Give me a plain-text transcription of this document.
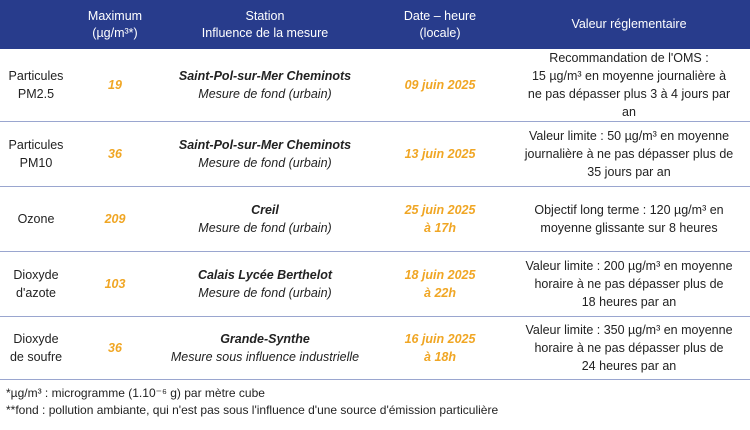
Maximum
(µg/m³*)
Station
Influence de la mesure
Date – heure
(locale)
Valeur réglementaire
Particules
PM2.5
19
Saint-Pol-sur-Mer Cheminots
Mesure de fond (urbain)
09 juin 2025
Recommandation de l'OMS :
15 µg/m³ en moyenne journalière à
ne pas dépasser plus 3 à 4 jours par
an
Particules
PM10
36
Saint-Pol-sur-Mer Cheminots
Mesure de fond (urbain)
13 juin 2025
Valeur limite : 50 µg/m³ en moyenne
journalière à ne pas dépasser plus de
35 jours par an
Ozone	209
Creil
Mesure de fond (urbain)
25 juin 2025
à 17h
Objectif long terme : 120 µg/m³ en
moyenne glissante sur 8 heures
Dioxyde
d'azote
103
Calais Lycée Berthelot
Mesure de fond (urbain)
18 juin 2025
à 22h
Valeur limite : 200 µg/m³ en moyenne
horaire à ne pas dépasser plus de
18 heures par an
Dioxyde
de soufre
36
Grande-Synthe
Mesure sous influence industrielle
16 juin 2025
à 18h
Valeur limite : 350 µg/m³ en moyenne
horaire à ne pas dépasser plus de
24 heures par an
*µg/m³ : microgramme (1.10⁻⁶ g) par mètre cube
**fond : pollution ambiante, qui n'est pas sous l'influence d'une source d'émission particulière
